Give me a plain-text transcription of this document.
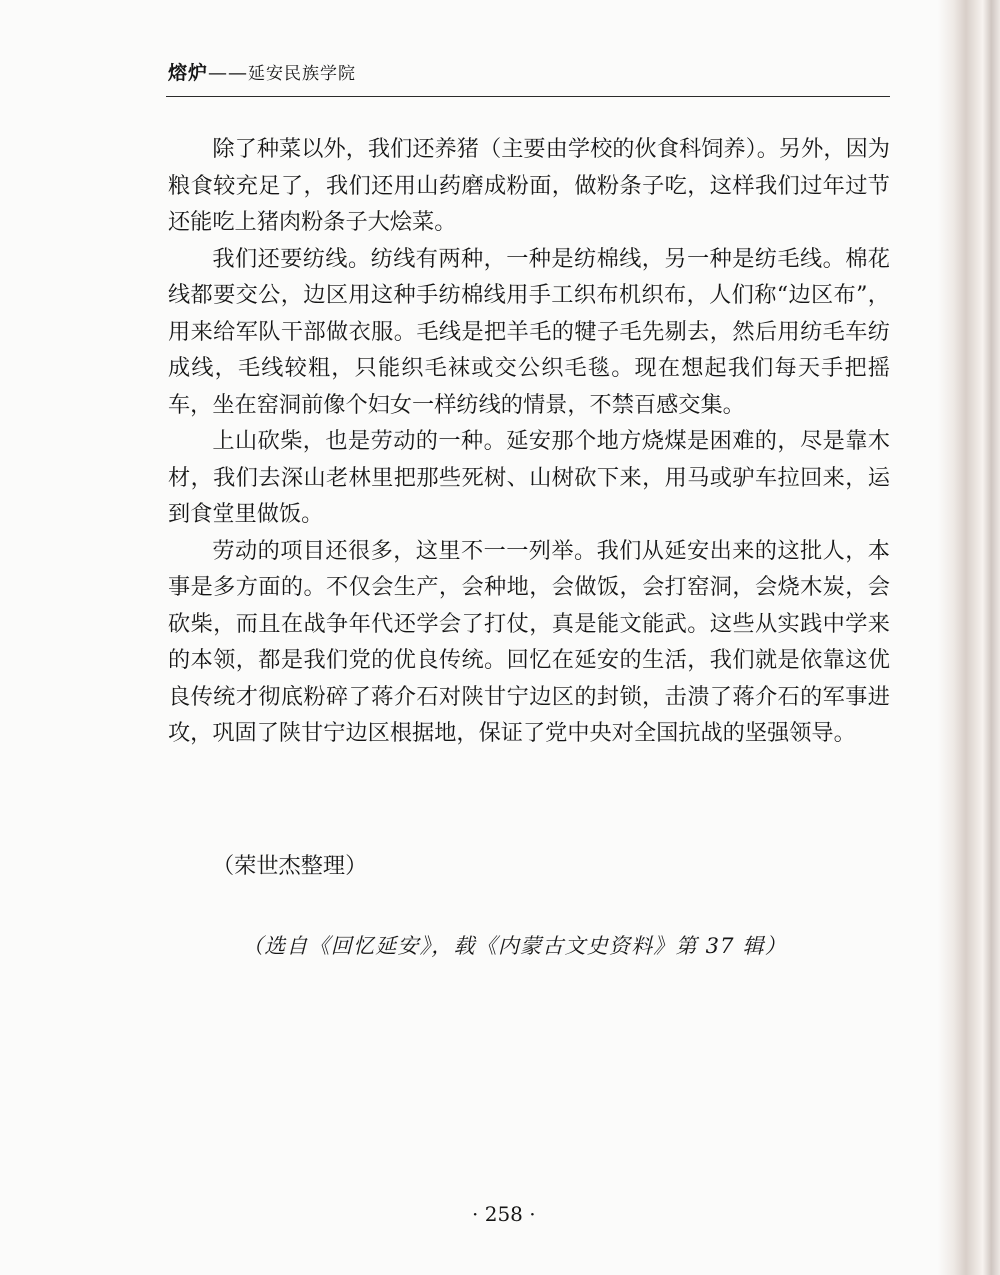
熔炉——延安民族学院

除了种菜以外，我们还养猪（主要由学校的伙食科饲养）。另外，因为粮食较充足了，我们还用山药磨成粉面，做粉条子吃，这样我们过年过节还能吃上猪肉粉条子大烩菜。

我们还要纺线。纺线有两种，一种是纺棉线，另一种是纺毛线。棉花线都要交公，边区用这种手纺棉线用手工织布机织布，人们称“边区布”，用来给军队干部做衣服。毛线是把羊毛的犍子毛先剔去，然后用纺毛车纺成线，毛线较粗，只能织毛袜或交公织毛毯。现在想起我们每天手把摇车，坐在窑洞前像个妇女一样纺线的情景，不禁百感交集。

上山砍柴，也是劳动的一种。延安那个地方烧煤是困难的，尽是靠木材，我们去深山老林里把那些死树、山树砍下来，用马或驴车拉回来，运到食堂里做饭。

劳动的项目还很多，这里不一一列举。我们从延安出来的这批人，本事是多方面的。不仅会生产，会种地，会做饭，会打窑洞，会烧木炭，会砍柴，而且在战争年代还学会了打仗，真是能文能武。这些从实践中学来的本领，都是我们党的优良传统。回忆在延安的生活，我们就是依靠这优良传统才彻底粉碎了蒋介石对陕甘宁边区的封锁，击溃了蒋介石的军事进攻，巩固了陕甘宁边区根据地，保证了党中央对全国抗战的坚强领导。

（荣世杰整理）
（选自《回忆延安》，载《内蒙古文史资料》第 37 辑）
· 258 ·
